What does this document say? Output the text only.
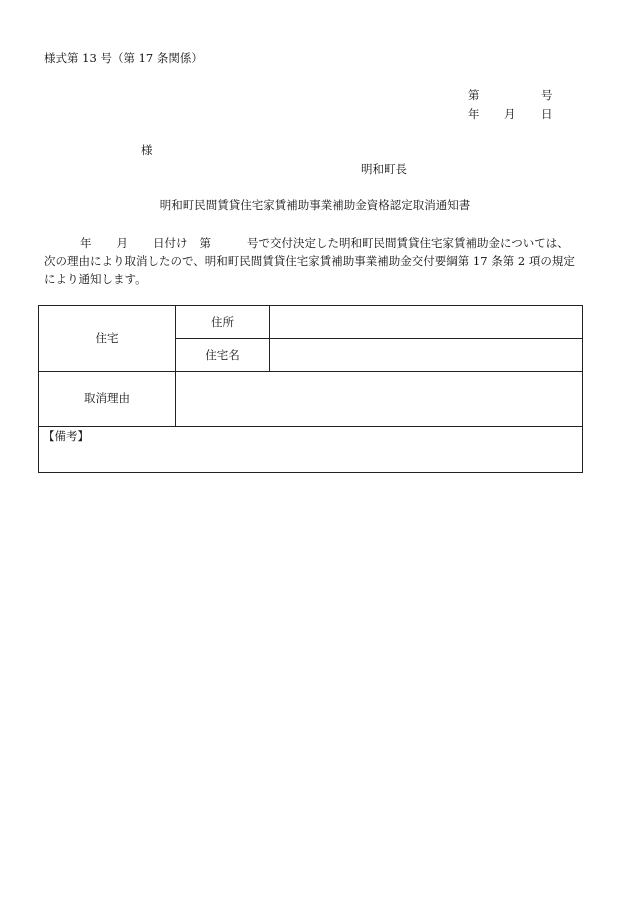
様式第 13 号（第 17 条関係）
第	号
年 月 日
様
明和町長
明和町民間賃貸住宅家賃補助事業補助金資格認定取消通知書
年 月 日付け 第	号で交付決定した明和町民間賃貸住宅家賃補助金については、
次の理由により取消したので、明和町民間賃貸住宅家賃補助事業補助金交付要綱第 17 条第 2 項の規定
により通知します。
住宅
住所
住宅名
取消理由
【備考】
